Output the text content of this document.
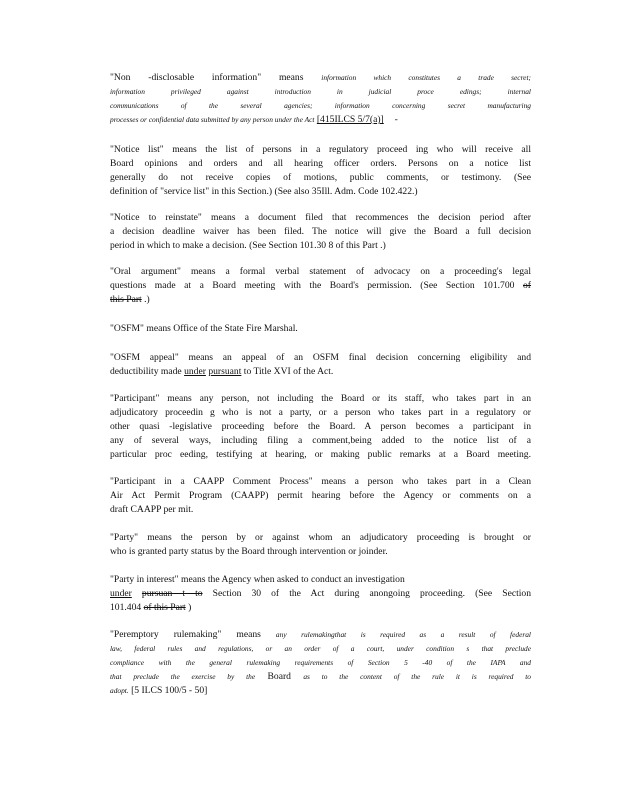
"Non -disclosable information" means information which constitutes a trade secret;
information privileged against introduction in judicial proce edings; internal
communications of the several agencies; information concerning secret manufacturing
processes or confidential data submitted by any person under the Act [415ILCS 5/7(a)] -
"Notice list" means the list of persons in a regulatory proceed ing who will receive all
Board opinions and orders and all hearing officer orders. Persons on a notice list
generally do not receive copies of motions, public comments, or testimony. (See
definition of "service list" in this Section.) (See also 35Ill. Adm. Code 102.422.)
"Notice to reinstate" means a document filed that recommences the decision period after
a decision deadline waiver has been filed. The notice will give the Board a full decision
period in which to make a decision. (See Section 101.30 8 of this Part .)
"Oral argument" means a formal verbal statement of advocacy on a proceeding's legal
questions made at a Board meeting with the Board's permission. (See Section 101.700 of
this Part .)
"OSFM" means Office of the State Fire Marshal.
"OSFM appeal" means an appeal of an OSFM final decision concerning eligibility and
deductibility made under pursuant to Title XVI of the Act.
"Participant" means any person, not including the Board or its staff, who takes part in an
adjudicatory proceedin g who is not a party, or a person who takes part in a regulatory or
other quasi -legislative proceeding before the Board. A person becomes a participant in
any of several ways, including filing a comment,being added to the notice list of a
particular proc eeding, testifying at hearing, or making public remarks at a Board meeting.
"Participant in a CAAPP Comment Process" means a person who takes part in a Clean
Air Act Permit Program (CAAPP) permit hearing before the Agency or comments on a
draft CAAPP per mit.
"Party" means the person by or against whom an adjudicatory proceeding is brought or
who is granted party status by the Board through intervention or joinder.
"Party in interest" means the Agency when asked to conduct an investigation
under pursuan t to Section 30 of the Act during anongoing proceeding. (See Section
101.404 of this Part )
"Peremptory rulemaking" means any rulemakingthat is required as a result of federal
law, federal rules and regulations, or an order of a court, under condition s that preclude
compliance with the general rulemaking requirements of Section 5 -40 of the IAPA and
that preclude the exercise by the Board as to the content of the rule it is required to
adopt. [5 ILCS 100/5 - 50]
